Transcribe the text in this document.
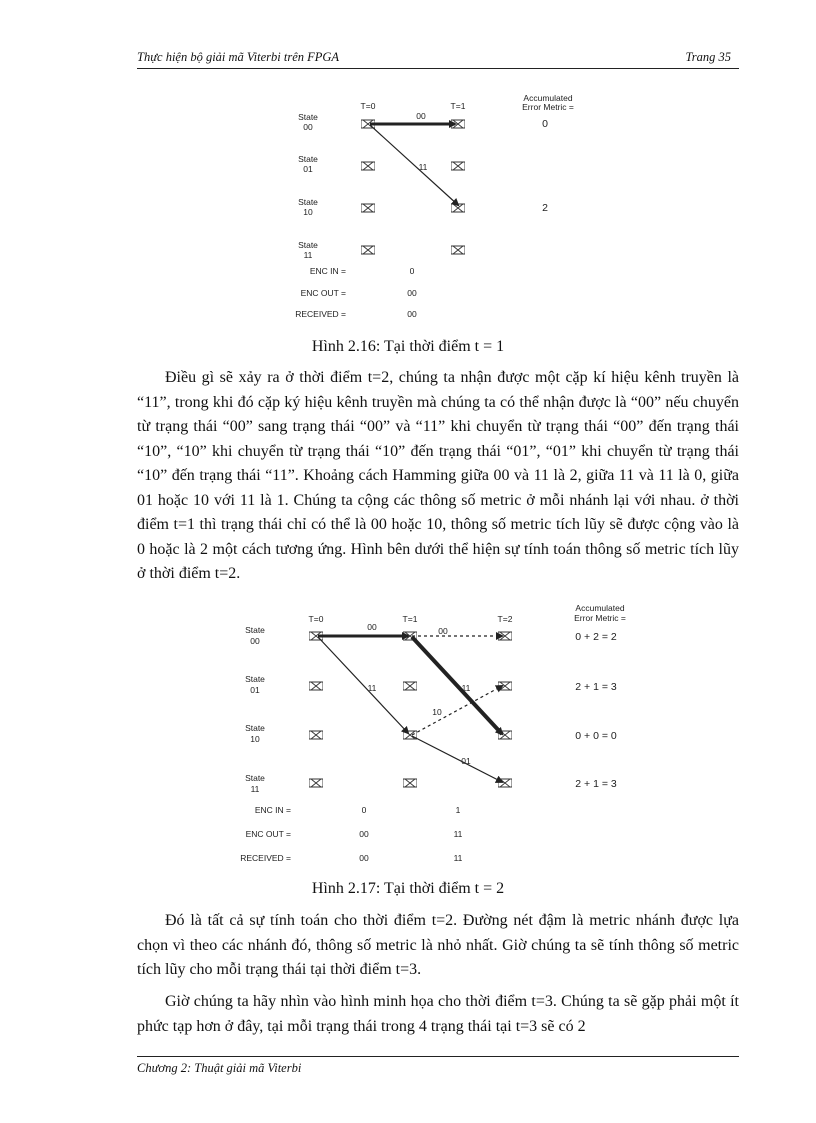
Thực hiện bộ giải mã Viterbi trên FPGA	Trang 35
T=0	T=1
Accumulated
Error Metric =
State
00
State
01
State
10
State
11
00
11
0
2
ENC IN =
ENC OUT =
RECEIVED =
0
00
00
T=0	T=1	T=2
Accumulated
Error Metric =
State
00
State
01
State
10
State
11
00	00
11	11
10
01
0 + 2 = 2
2 + 1 = 3
0 + 0 = 0
2 + 1 = 3
ENC IN =
ENC OUT =
RECEIVED =
0	1
00	11
00	11
Hình 2.16: Tại thời điểm t = 1

Điều gì sẽ xảy ra ở thời điểm t=2, chúng ta nhận được một cặp kí hiệu kênh truyền là “11”, trong khi đó cặp ký hiệu kênh truyền mà chúng ta có thể nhận được là “00” nếu chuyển từ trạng thái “00” sang trạng thái “00” và “11” khi chuyển từ trạng thái “00” đến trạng thái “10”, “10” khi chuyển từ trạng thái “10” đến trạng thái “01”, “01” khi chuyển từ trạng thái “10” đến trạng thái “11”. Khoảng cách Hamming giữa 00 và 11 là 2, giữa 11 và 11 là 0, giữa 01 hoặc 10 với 11 là 1. Chúng ta cộng các thông số metric ở mỗi nhánh lại với nhau. ở thời điểm t=1 thì trạng thái chỉ có thể là 00 hoặc 10, thông số metric tích lũy sẽ được cộng vào là 0 hoặc là 2 một cách tương ứng. Hình bên dưới thể hiện sự tính toán thông số metric tích lũy ở thời điểm t=2.

Hình 2.17: Tại thời điểm t = 2

Đó là tất cả sự tính toán cho thời điểm t=2. Đường nét đậm là metric nhánh được lựa chọn vì theo các nhánh đó, thông số metric là nhỏ nhất. Giờ chúng ta sẽ tính thông số metric tích lũy cho mỗi trạng thái tại thời điểm t=3.

Giờ chúng ta hãy nhìn vào hình minh họa cho thời điểm t=3. Chúng ta sẽ gặp phải một ít phức tạp hơn ở đây, tại mỗi trạng thái trong 4 trạng thái tại t=3 sẽ có 2

Chương 2: Thuật giải mã Viterbi
